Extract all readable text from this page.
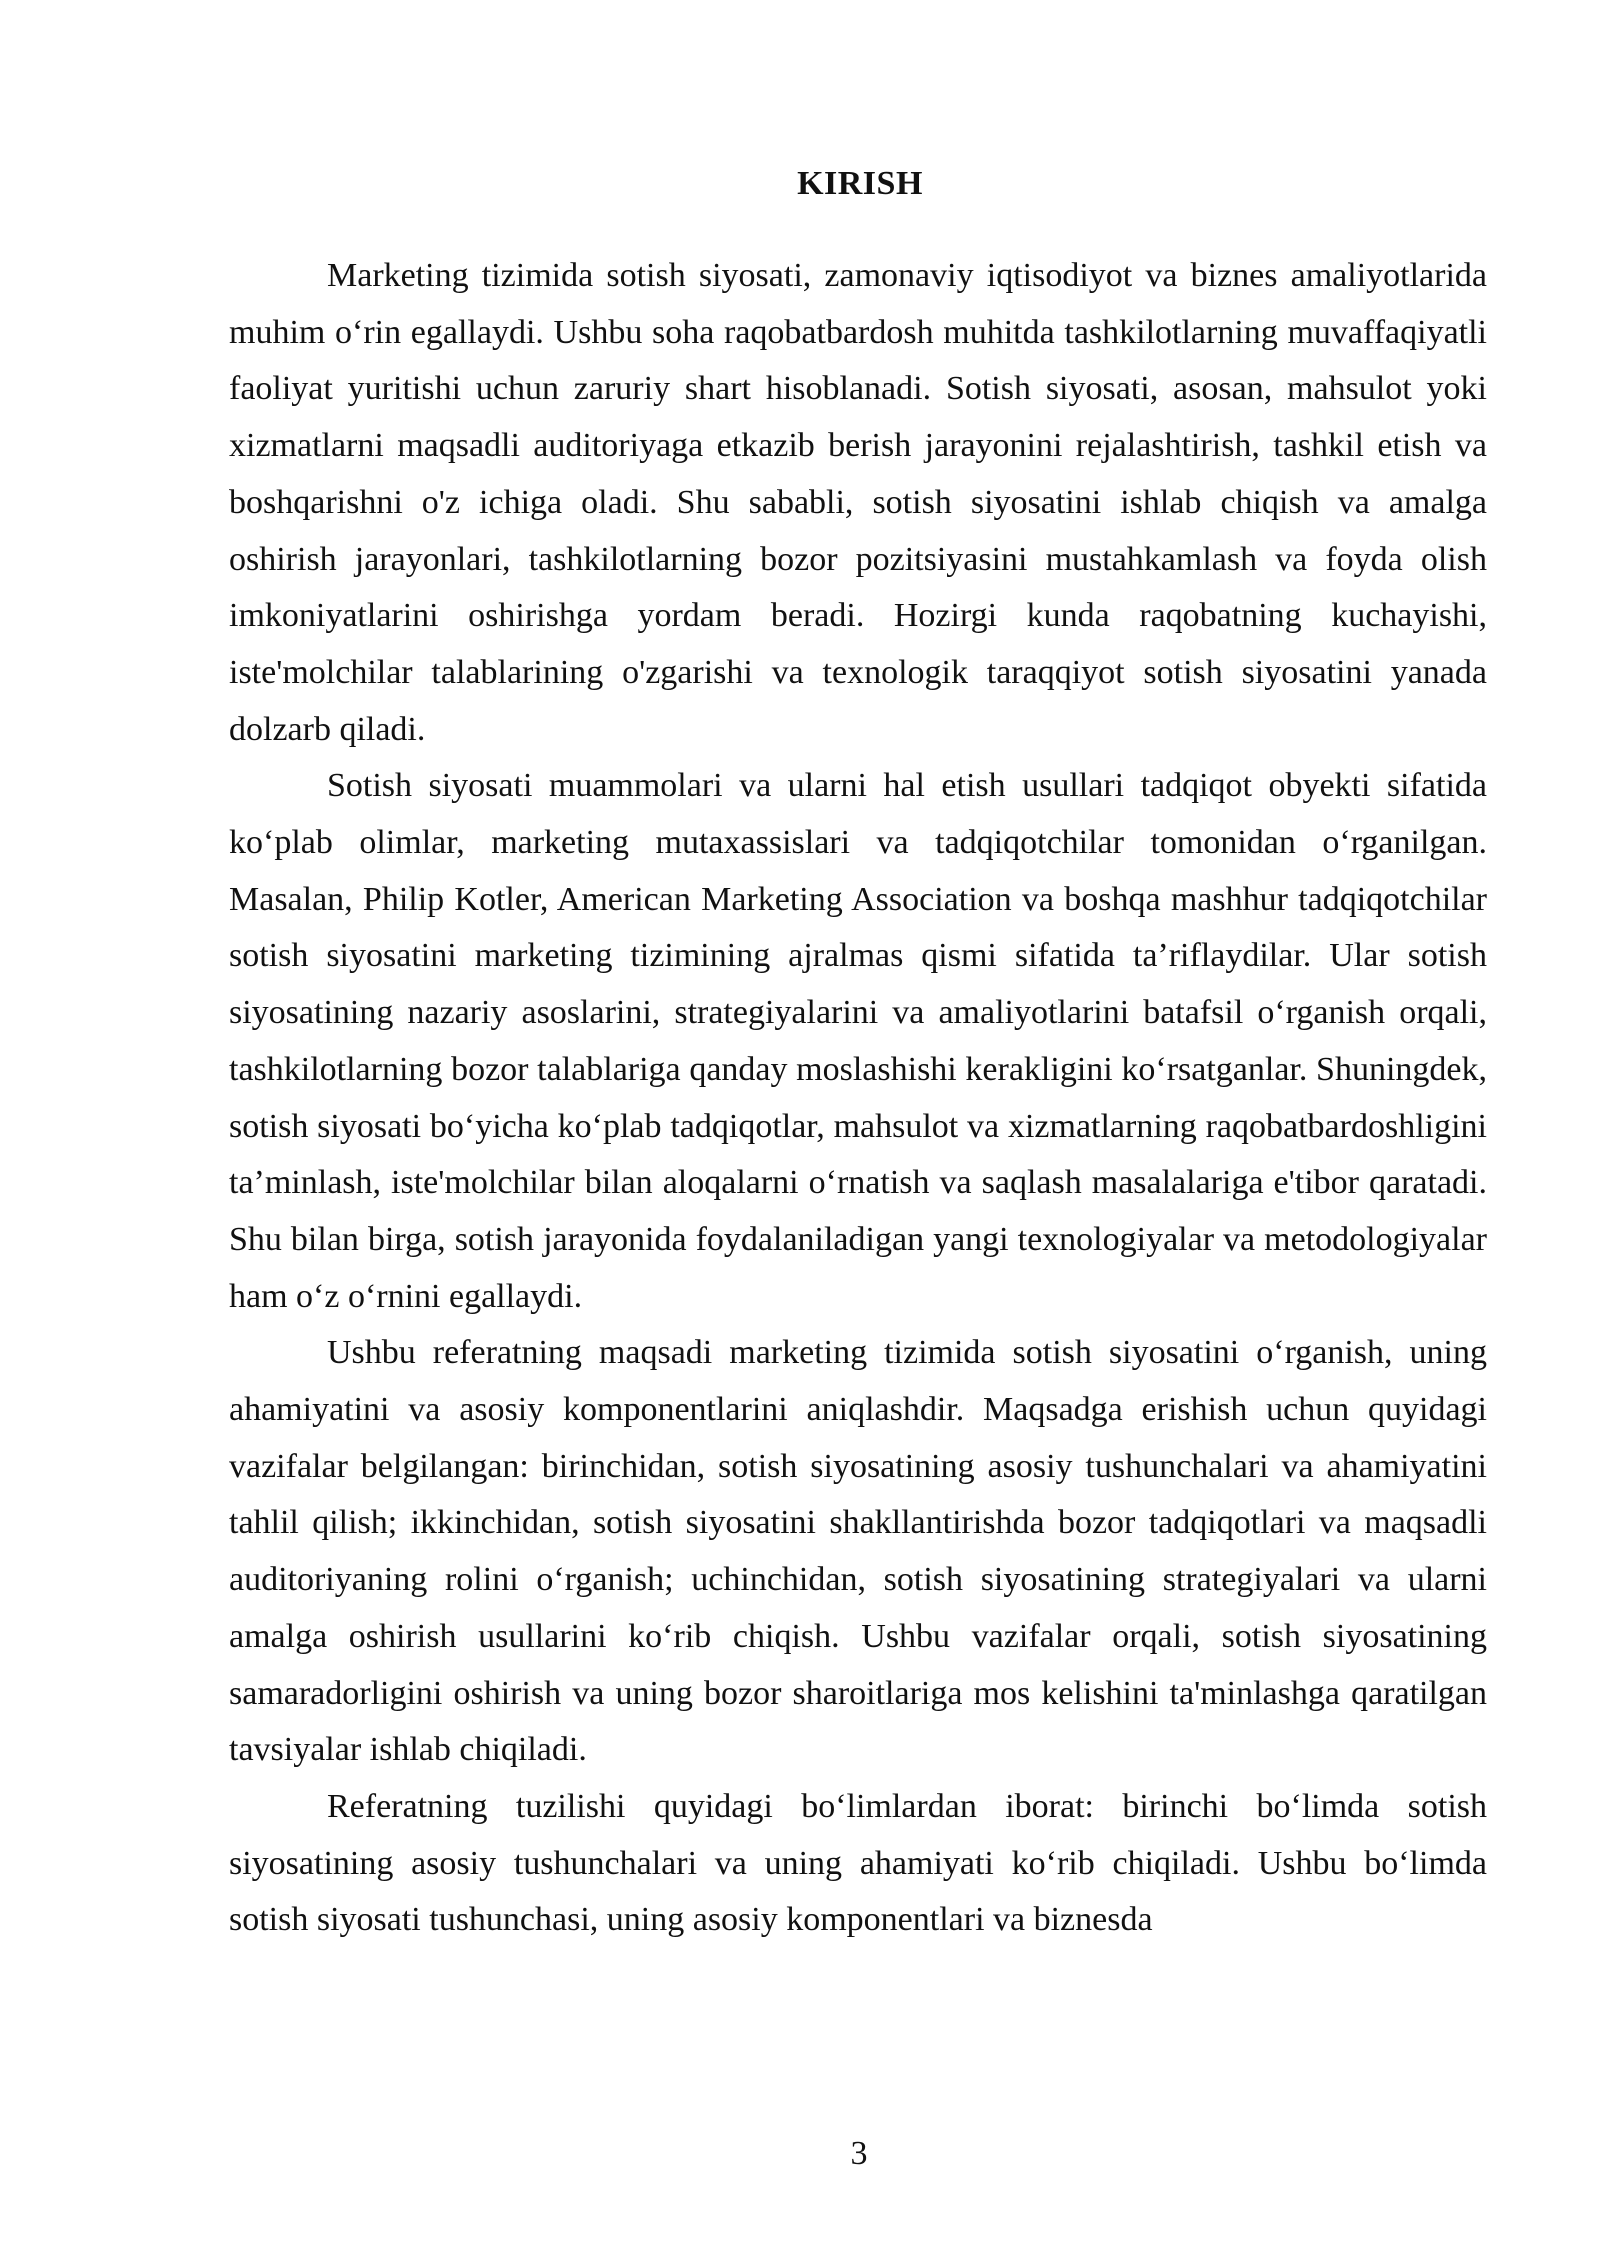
KIRISH

Marketing tizimida sotish siyosati, zamonaviy iqtisodiyot va biznes amaliyotlarida muhim o‘rin egallaydi. Ushbu soha raqobatbardosh muhitda tashkilotlarning muvaffaqiyatli faoliyat yuritishi uchun zaruriy shart hisoblanadi. Sotish siyosati, asosan, mahsulot yoki xizmatlarni maqsadli auditoriyaga etkazib berish jarayonini rejalashtirish, tashkil etish va boshqarishni o'z ichiga oladi. Shu sababli, sotish siyosatini ishlab chiqish va amalga oshirish jarayonlari, tashkilotlarning bozor pozitsiyasini mustahkamlash va foyda olish imkoniyatlarini oshirishga yordam beradi. Hozirgi kunda raqobatning kuchayishi, iste'molchilar talablarining o'zgarishi va texnologik taraqqiyot sotish siyosatini yanada dolzarb qiladi.

Sotish siyosati muammolari va ularni hal etish usullari tadqiqot obyekti sifatida ko‘plab olimlar, marketing mutaxassislari va tadqiqotchilar tomonidan o‘rganilgan. Masalan, Philip Kotler, American Marketing Association va boshqa mashhur tadqiqotchilar sotish siyosatini marketing tizimining ajralmas qismi sifatida ta’riflaydilar. Ular sotish siyosatining nazariy asoslarini, strategiyalarini va amaliyotlarini batafsil o‘rganish orqali, tashkilotlarning bozor talablariga qanday moslashishi kerakligini ko‘rsatganlar. Shuningdek, sotish siyosati bo‘yicha ko‘plab tadqiqotlar, mahsulot va xizmatlarning raqobatbardoshligini ta’minlash, iste'molchilar bilan aloqalarni o‘rnatish va saqlash masalalariga e'tibor qaratadi. Shu bilan birga, sotish jarayonida foydalaniladigan yangi texnologiyalar va metodologiyalar ham o‘z o‘rnini egallaydi.

Ushbu referatning maqsadi marketing tizimida sotish siyosatini o‘rganish, uning ahamiyatini va asosiy komponentlarini aniqlashdir. Maqsadga erishish uchun quyidagi vazifalar belgilangan: birinchidan, sotish siyosatining asosiy tushunchalari va ahamiyatini tahlil qilish; ikkinchidan, sotish siyosatini shakllantirishda bozor tadqiqotlari va maqsadli auditoriyaning rolini o‘rganish; uchinchidan, sotish siyosatining strategiyalari va ularni amalga oshirish usullarini ko‘rib chiqish. Ushbu vazifalar orqali, sotish siyosatining samaradorligini oshirish va uning bozor sharoitlariga mos kelishini ta'minlashga qaratilgan tavsiyalar ishlab chiqiladi.

Referatning tuzilishi quyidagi bo‘limlardan iborat: birinchi bo‘limda sotish siyosatining asosiy tushunchalari va uning ahamiyati ko‘rib chiqiladi. Ushbu bo‘limda sotish siyosati tushunchasi, uning asosiy komponentlari va biznesda

3
